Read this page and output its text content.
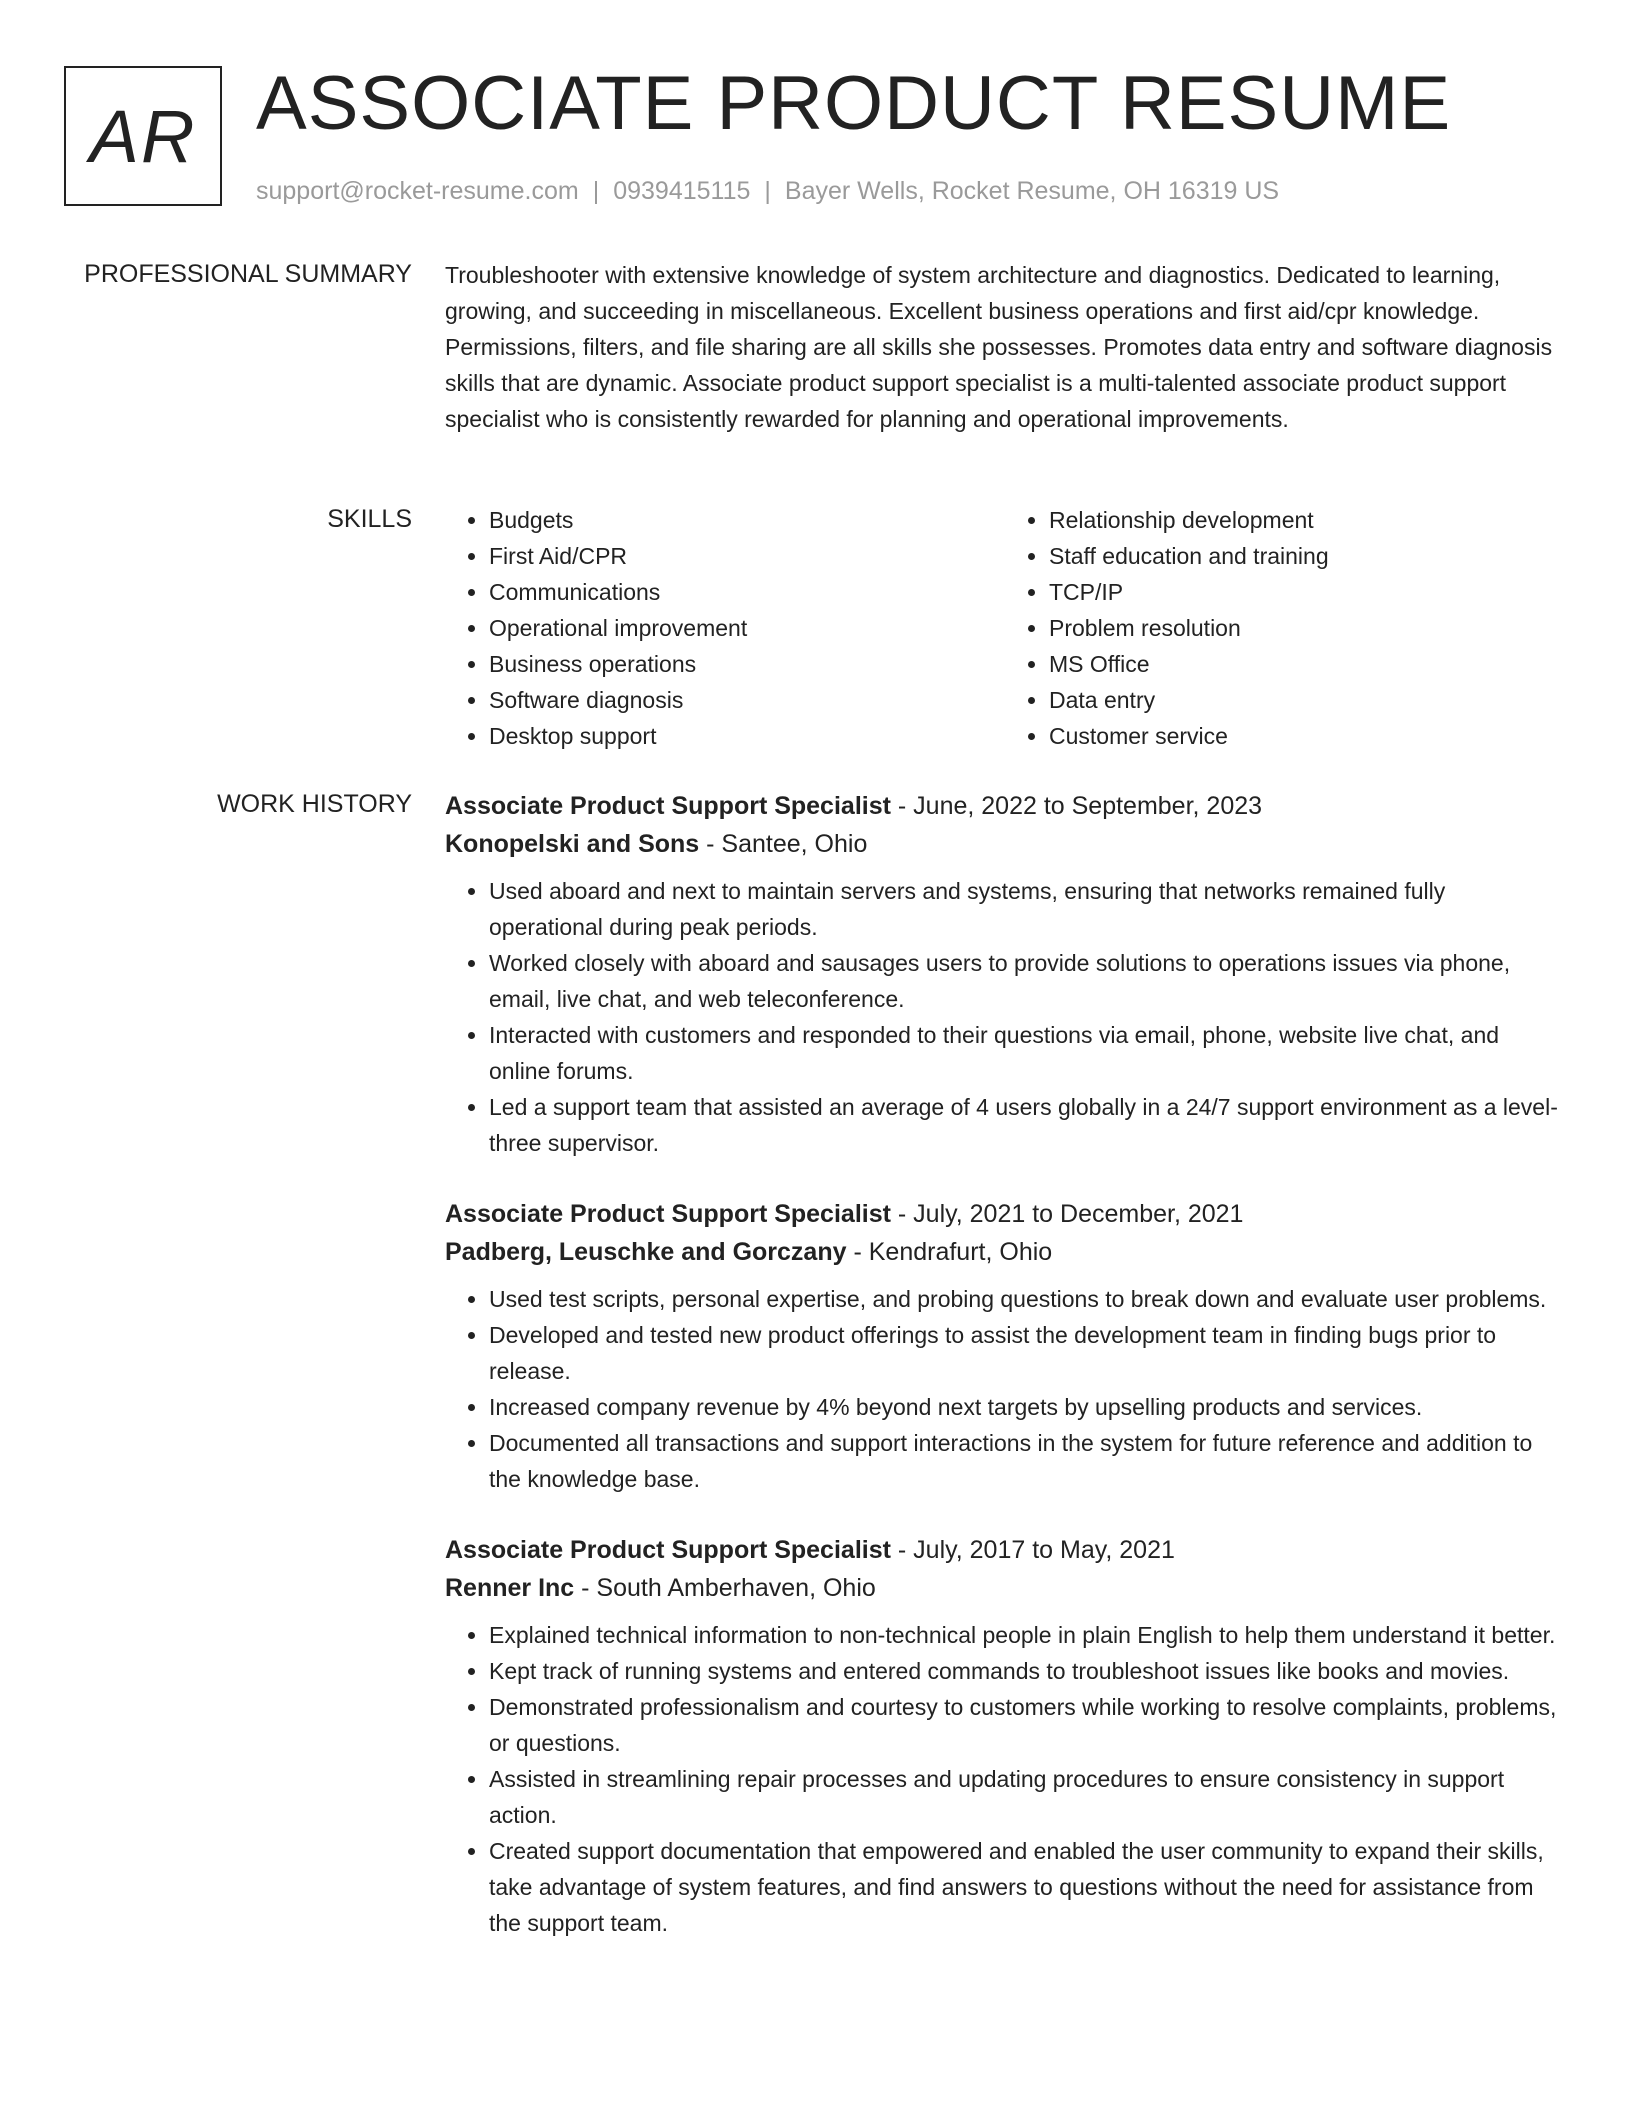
AR ASSOCIATE PRODUCT RESUME
support@rocket-resume.com | 0939415115 | Bayer Wells, Rocket Resume, OH 16319 US
PROFESSIONAL SUMMARY Troubleshooter with extensive knowledge of system architecture and diagnostics. Dedicated to learning, growing, and succeeding in miscellaneous. Excellent business operations and first aid/cpr knowledge. Permissions, filters, and file sharing are all skills she possesses. Promotes data entry and software diagnosis skills that are dynamic. Associate product support specialist is a multi-talented associate product support specialist who is consistently rewarded for planning and operational improvements.

SKILLS
•	Budgets
• First Aid/CPR
• Communications
• Operational improvement
• Business operations
• Software diagnosis
• Desktop support
• Relationship development
• Staff education and training
• TCP/IP
• Problem resolution
• MS Office
• Data entry
• Customer service
WORK HISTORY Associate Product Support Specialist - June, 2022 to September, 2023
Konopelski and Sons - Santee, Ohio
• Used aboard and next to maintain servers and systems, ensuring that networks remained fully operational during peak periods.
• Worked closely with aboard and sausages users to provide solutions to operations issues via phone, email, live chat, and web teleconference.
• Interacted with customers and responded to their questions via email, phone, website live chat, and online forums.
• Led a support team that assisted an average of 4 users globally in a 24/7 support environment as a level-three supervisor.
Associate Product Support Specialist - July, 2021 to December, 2021
Padberg, Leuschke and Gorczany - Kendrafurt, Ohio
• Used test scripts, personal expertise, and probing questions to break down and evaluate user problems.
• Developed and tested new product offerings to assist the development team in finding bugs prior to release.
• Increased company revenue by 4% beyond next targets by upselling products and services.
• Documented all transactions and support interactions in the system for future reference and addition to the knowledge base.
Associate Product Support Specialist - July, 2017 to May, 2021
Renner Inc - South Amberhaven, Ohio
• Explained technical information to non-technical people in plain English to help them understand it better.
• Kept track of running systems and entered commands to troubleshoot issues like books and movies.
• Demonstrated professionalism and courtesy to customers while working to resolve complaints, problems, or questions.
• Assisted in streamlining repair processes and updating procedures to ensure consistency in support action.
• Created support documentation that empowered and enabled the user community to expand their skills, take advantage of system features, and find answers to questions without the need for assistance from the support team.
